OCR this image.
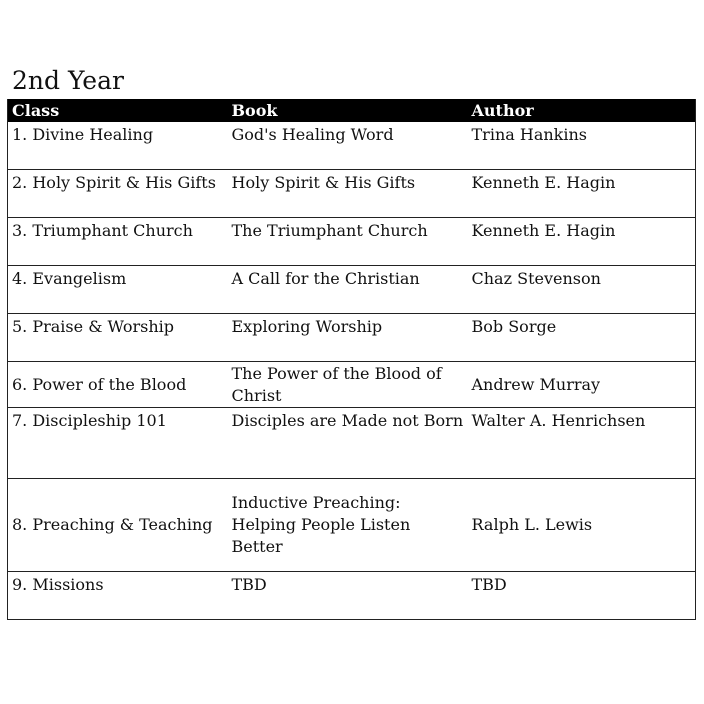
2nd Year
Class	Book	Author
1. Divine Healing	God's Healing Word	Trina Hankins
2. Holy Spirit & His Gifts	Holy Spirit & His Gifts	Kenneth E. Hagin
3. Triumphant Church	The Triumphant Church	Kenneth E. Hagin
4. Evangelism	A Call for the Christian	Chaz Stevenson
5. Praise & Worship	Exploring Worship	Bob Sorge
6. Power of the Blood	The Power of the Blood of Christ	Andrew Murray
7. Discipleship 101	Disciples are Made not Born	Walter A. Henrichsen
8. Preaching & Teaching	Inductive Preaching: Helping People Listen Better	Ralph L. Lewis
9. Missions	TBD	TBD
